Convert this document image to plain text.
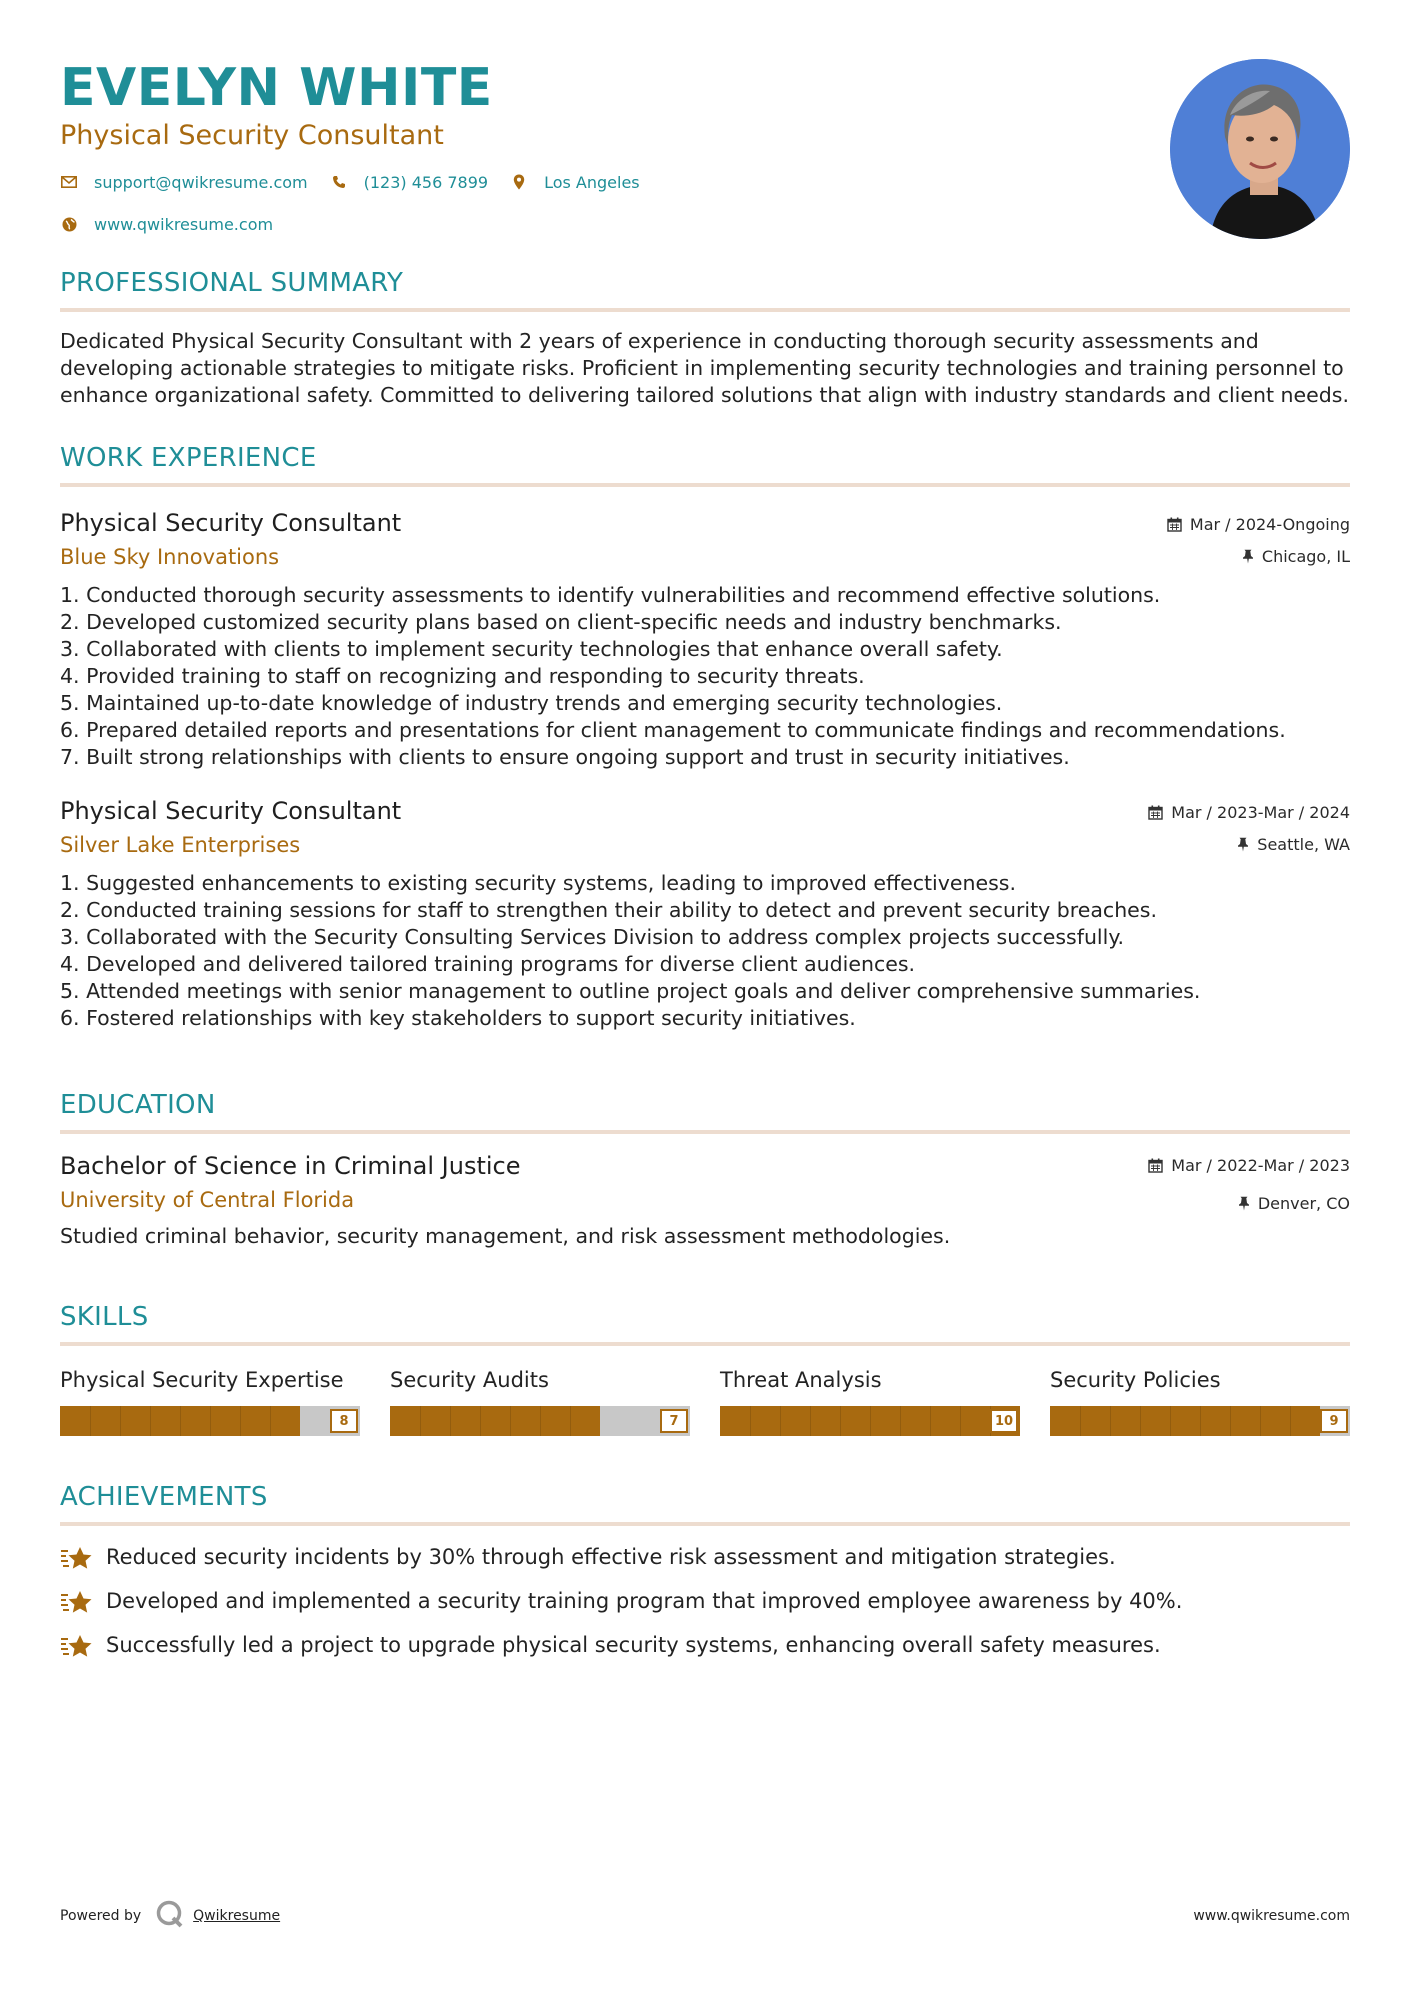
EVELYN WHITE
Physical Security Consultant
support@qwikresume.com	(123) 456 7899	Los Angeles
www.qwikresume.com
PROFESSIONAL SUMMARY
Dedicated Physical Security Consultant with 2 years of experience in conducting thorough security assessments and developing actionable strategies to mitigate risks. Proficient in implementing security technologies and training personnel to enhance organizational safety. Committed to delivering tailored solutions that align with industry standards and client needs.
WORK EXPERIENCE
Physical Security Consultant
Blue Sky Innovations
Mar / 2024-Ongoing
Chicago, IL
1. Conducted thorough security assessments to identify vulnerabilities and recommend effective solutions.
2. Developed customized security plans based on client-specific needs and industry benchmarks.
3. Collaborated with clients to implement security technologies that enhance overall safety.
4. Provided training to staff on recognizing and responding to security threats.
5. Maintained up-to-date knowledge of industry trends and emerging security technologies.
6. Prepared detailed reports and presentations for client management to communicate findings and recommendations.
7. Built strong relationships with clients to ensure ongoing support and trust in security initiatives.
Physical Security Consultant
Silver Lake Enterprises
Mar / 2023-Mar / 2024
Seattle, WA
1. Suggested enhancements to existing security systems, leading to improved effectiveness.
2. Conducted training sessions for staff to strengthen their ability to detect and prevent security breaches.
3. Collaborated with the Security Consulting Services Division to address complex projects successfully.
4. Developed and delivered tailored training programs for diverse client audiences.
5. Attended meetings with senior management to outline project goals and deliver comprehensive summaries.
6. Fostered relationships with key stakeholders to support security initiatives.
EDUCATION
Bachelor of Science in Criminal Justice
University of Central Florida
Mar / 2022-Mar / 2023
Denver, CO
Studied criminal behavior, security management, and risk assessment methodologies.
SKILLS
Physical Security Expertise
8
Security Audits
7
Threat Analysis
10
Security Policies
9
ACHIEVEMENTS
Reduced security incidents by 30% through effective risk assessment and mitigation strategies.
Developed and implemented a security training program that improved employee awareness by 40%.
Successfully led a project to upgrade physical security systems, enhancing overall safety measures.
Powered by	Qwikresume	www.qwikresume.com
